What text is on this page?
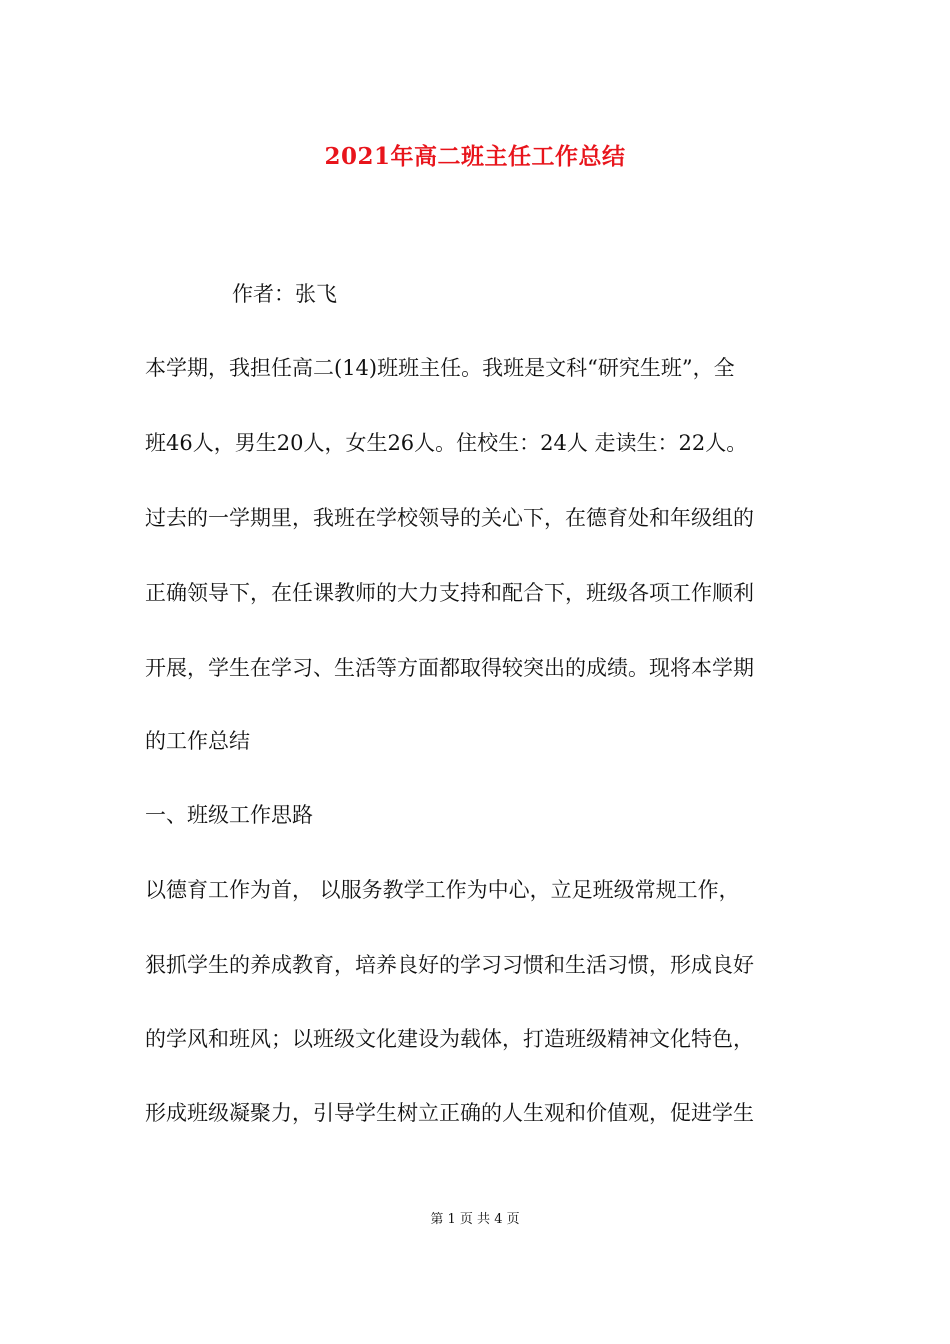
2021年高二班主任工作总结
作者：张飞
本学期，我担任高二(14)班班主任。我班是文科“研究生班”，全
班46人，男生20人，女生26人。住校生：24人 走读生：22人。
过去的一学期里，我班在学校领导的关心下，在德育处和年级组的
正确领导下，在任课教师的大力支持和配合下，班级各项工作顺利
开展，学生在学习、生活等方面都取得较突出的成绩。现将本学期
的工作总结
一、班级工作思路
以德育工作为首， 以服务教学工作为中心，立足班级常规工作，
狠抓学生的养成教育，培养良好的学习习惯和生活习惯，形成良好
的学风和班风；以班级文化建设为载体，打造班级精神文化特色，
形成班级凝聚力，引导学生树立正确的人生观和价值观，促进学生
第 1 页 共 4 页
